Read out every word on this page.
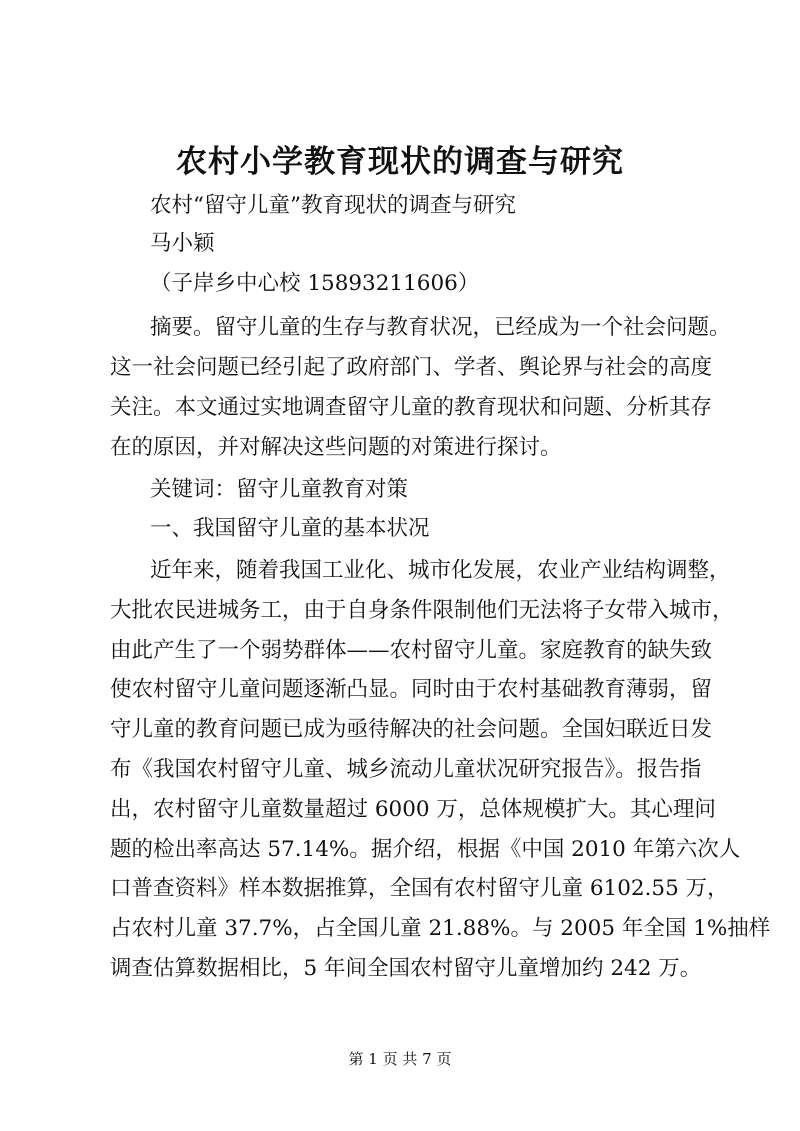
农村小学教育现状的调查与研究

农村“留守儿童”教育现状的调查与研究

马小颖

（子岸乡中心校 15893211606）

摘要。留守儿童的生存与教育状况，已经成为一个社会问题。

这一社会问题已经引起了政府部门、学者、舆论界与社会的高度

关注。本文通过实地调查留守儿童的教育现状和问题、分析其存

在的原因，并对解决这些问题的对策进行探讨。

关键词：留守儿童教育对策

一、我国留守儿童的基本状况

近年来，随着我国工业化、城市化发展，农业产业结构调整，

大批农民进城务工，由于自身条件限制他们无法将子女带入城市，

由此产生了一个弱势群体——农村留守儿童。家庭教育的缺失致

使农村留守儿童问题逐渐凸显。同时由于农村基础教育薄弱，留

守儿童的教育问题已成为亟待解决的社会问题。全国妇联近日发

布《我国农村留守儿童、城乡流动儿童状况研究报告》。报告指

出，农村留守儿童数量超过 6000 万，总体规模扩大。其心理问

题的检出率高达 57.14%。据介绍，根据《中国 2010 年第六次人

口普查资料》样本数据推算，全国有农村留守儿童 6102.55 万，

占农村儿童 37.7%，占全国儿童 21.88%。与 2005 年全国 1%抽样

调查估算数据相比，5 年间全国农村留守儿童增加约 242 万。

第 1 页 共 7 页
